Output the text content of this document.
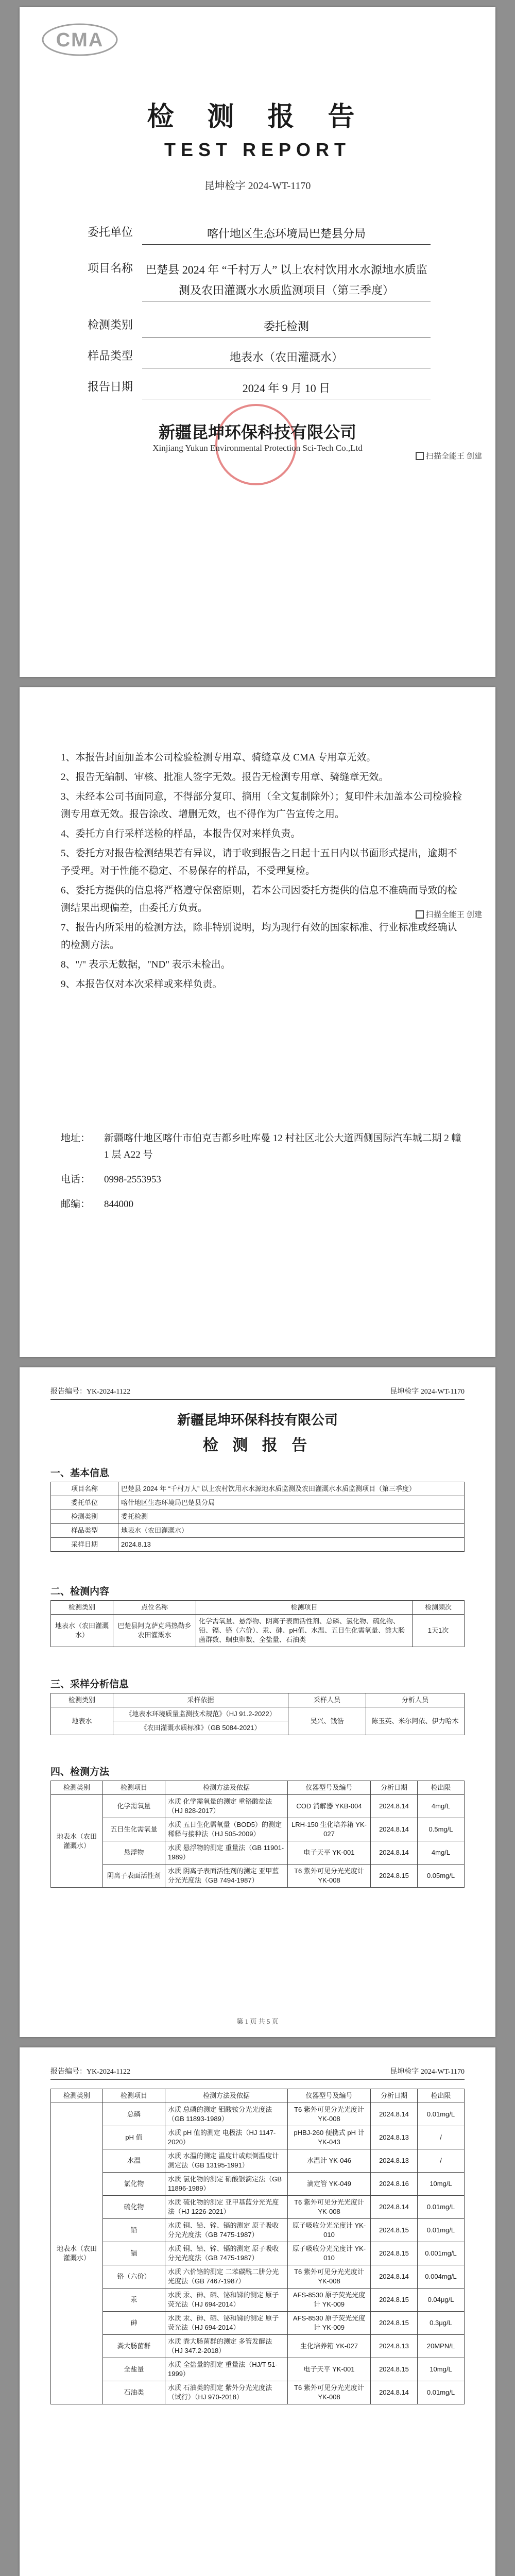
CMA
检 测 报 告
TEST REPORT
昆坤检字 2024-WT-1170
委托单位	喀什地区生态环境局巴楚县分局
项目名称 巴楚县 2024 年 “千村万人” 以上农村饮用水水源地水质监测及农田灌溉水水质监测项目（第三季度）
检测类别	委托检测
样品类型	地表水（农田灌溉水）
报告日期	2024 年 9 月 10 日
新疆昆坤环保科技有限公司
Xinjiang Yukun Environmental Protection Sci-Tech Co.,Ltd
扫描全能王 创建

1、本报告封面加盖本公司检验检测专用章、骑缝章及 CMA 专用章无效。

2、报告无编制、审核、批准人签字无效。报告无检测专用章、骑缝章无效。

3、未经本公司书面同意，不得部分复印、摘用（全文复制除外）；复印件未加盖本公司检验检测专用章无效。报告涂改、增删无效，也不得作为广告宣传之用。

4、委托方自行采样送检的样品，本报告仅对来样负责。

5、委托方对报告检测结果若有异议，请于收到报告之日起十五日内以书面形式提出，逾期不予受理。对于性能不稳定、不易保存的样品，不受理复检。

6、委托方提供的信息将严格遵守保密原则，若本公司因委托方提供的信息不准确而导致的检测结果出现偏差，由委托方负责。

7、报告内所采用的检测方法，除非特别说明，均为现行有效的国家标准、行业标准或经确认的检测方法。

8、"/" 表示无数据，"ND" 表示未检出。

9、本报告仅对本次采样或来样负责。

扫描全能王 创建
地址：	新疆喀什地区喀什市伯克吉都乡吐库曼 12 村社区北公大道西侧国际汽车城二期 2 幢 1 层 A22 号
电话：	0998-2553953
邮编：	844000
报告编号：YK-2024-1122	昆坤检字 2024-WT-1170
新疆昆坤环保科技有限公司
检 测 报 告
一、基本信息
项目名称	巴楚县 2024 年 “千村万人” 以上农村饮用水水源地水质监测及农田灌溉水水质监测项目（第三季度）
委托单位	喀什地区生态环境局巴楚县分局
检测类别	委托检测
样品类型	地表水（农田灌溉水）
采样日期	2024.8.13
二、检测内容
检测类别	点位名称	检测项目	检测频次
地表水（农田灌溉水）	巴楚县阿克萨克玛热勒乡农田灌溉水	化学需氧量、悬浮物、阴离子表面活性剂、总磷、氯化物、硫化物、铅、镉、铬（六价）、汞、砷、pH值、水温、五日生化需氧量、粪大肠菌群数、蛔虫卵数、全盐量、石油类	1天1次
三、采样分析信息
检测类别	采样依据	采样人员	分析人员
地表水	《地表水环境质量监测技术规范》（HJ 91.2-2022）	吴兴、钱浩	陈玉英、米尔阿依、伊力哈木
	《农田灌溉水质标准》（GB 5084-2021）		
四、检测方法
检测类别	检测项目	检测方法及依据	仪器型号及编号	分析日期	检出限
地表水（农田灌溉水）	化学需氧量	水质 化学需氧量的测定 重铬酸盐法（HJ 828-2017）	COD 消解器 YKB-004	2024.8.14	4mg/L
	五日生化需氧量	水质 五日生化需氧量（BOD5）的测定 稀释与接种法（HJ 505-2009）	LRH-150 生化培养箱 YK-027	2024.8.14	0.5mg/L
	悬浮物	水质 悬浮物的测定 重量法（GB 11901-1989）	电子天平 YK-001	2024.8.14	4mg/L
	阴离子表面活性剂	水质 阴离子表面活性剂的测定 亚甲蓝分光光度法（GB 7494-1987）	T6 紫外可见分光光度计 YK-008	2024.8.15	0.05mg/L
第 1 页 共 5 页
报告编号：YK-2024-1122	昆坤检字 2024-WT-1170
检测类别	检测项目	检测方法及依据	仪器型号及编号	分析日期	检出限
地表水（农田灌溉水）	总磷	水质 总磷的测定 钼酸铵分光光度法（GB 11893-1989）	T6 紫外可见分光光度计 YK-008	2024.8.14	0.01mg/L
	pH 值	水质 pH 值的测定 电极法（HJ 1147-2020）	pHBJ-260 便携式 pH 计 YK-043	2024.8.13	/
	水温	水质 水温的测定 温度计或颠倒温度计测定法（GB 13195-1991）	水温计 YK-046	2024.8.13	/
	氯化物	水质 氯化物的测定 硝酸银滴定法（GB 11896-1989）	滴定管 YK-049	2024.8.16	10mg/L
	硫化物	水质 硫化物的测定 亚甲基蓝分光光度法（HJ 1226-2021）	T6 紫外可见分光光度计 YK-008	2024.8.14	0.01mg/L
	铅	水质 铜、铅、锌、镉的测定 原子吸收分光光度法（GB 7475-1987）	原子吸收分光光度计 YK-010	2024.8.15	0.01mg/L
	镉	水质 铜、铅、锌、镉的测定 原子吸收分光光度法（GB 7475-1987）	原子吸收分光光度计 YK-010	2024.8.15	0.001mg/L
	铬（六价）	水质 六价铬的测定 二苯碳酰二肼分光光度法（GB 7467-1987）	T6 紫外可见分光光度计 YK-008	2024.8.14	0.004mg/L
	汞	水质 汞、砷、硒、铋和锑的测定 原子荧光法（HJ 694-2014）	AFS-8530 原子荧光光度计 YK-009	2024.8.15	0.04μg/L
	砷	水质 汞、砷、硒、铋和锑的测定 原子荧光法（HJ 694-2014）	AFS-8530 原子荧光光度计 YK-009	2024.8.15	0.3μg/L
	粪大肠菌群	水质 粪大肠菌群的测定 多管发酵法（HJ 347.2-2018）	生化培养箱 YK-027	2024.8.13	20MPN/L
	全盐量	水质 全盐量的测定 重量法（HJ/T 51-1999）	电子天平 YK-001	2024.8.15	10mg/L
	石油类	水质 石油类的测定 紫外分光光度法（试行）（HJ 970-2018）	T6 紫外可见分光光度计 YK-008	2024.8.14	0.01mg/L
